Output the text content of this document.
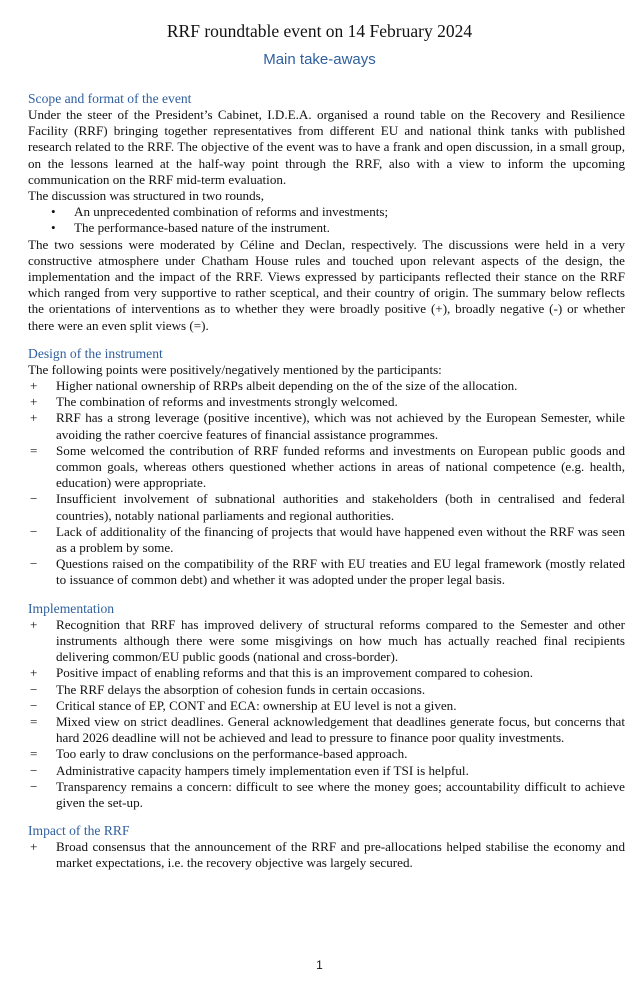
RRF roundtable event on 14 February 2024
Main take-aways
Scope and format of the event

Under the steer of the President’s Cabinet, I.D.E.A. organised a round table on the Recovery and Resilience Facility (RRF) bringing together representatives from different EU and national think tanks with published research related to the RRF. The objective of the event was to have a frank and open discussion, in a small group, on the lessons learned at the half-way point through the RRF, also with a view to inform the upcoming communication on the RRF mid-term evaluation.

The discussion was structured in two rounds,

• An unprecedented combination of reforms and investments;
• The performance-based nature of the instrument.

The two sessions were moderated by Céline and Declan, respectively. The discussions were held in a very constructive atmosphere under Chatham House rules and touched upon relevant aspects of the design, the implementation and the impact of the RRF. Views expressed by participants reflected their stance on the RRF which ranged from very supportive to rather sceptical, and their country of origin. The summary below reflects the orientations of interventions as to whether they were broadly positive (+), broadly negative (-) or whether there were an even split views (=).

Design of the instrument

The following points were positively/negatively mentioned by the participants:

+	Higher national ownership of RRPs albeit depending on the of the size of the allocation.
+	The combination of reforms and investments strongly welcomed.
+	RRF has a strong leverage (positive incentive), which was not achieved by the European Semester, while avoiding the rather coercive features of financial assistance programmes.
=	Some welcomed the contribution of RRF funded reforms and investments on European public goods and common goals, whereas others questioned whether actions in areas of national competence (e.g. health, education) were appropriate.
−	Insufficient involvement of subnational authorities and stakeholders (both in centralised and federal countries), notably national parliaments and regional authorities.
−	Lack of additionality of the financing of projects that would have happened even without the RRF was seen as a problem by some.
−	Questions raised on the compatibility of the RRF with EU treaties and EU legal framework (mostly related to issuance of common debt) and whether it was adopted under the proper legal basis.
Implementation
+	Recognition that RRF has improved delivery of structural reforms compared to the Semester and other instruments although there were some misgivings on how much has actually reached final recipients delivering common/EU public goods (national and cross-border).
+	Positive impact of enabling reforms and that this is an improvement compared to cohesion.
−	The RRF delays the absorption of cohesion funds in certain occasions.
−	Critical stance of EP, CONT and ECA: ownership at EU level is not a given.
=	Mixed view on strict deadlines. General acknowledgement that deadlines generate focus, but concerns that hard 2026 deadline will not be achieved and lead to pressure to finance poor quality investments.
=	Too early to draw conclusions on the performance-based approach.
−	Administrative capacity hampers timely implementation even if TSI is helpful.
−	Transparency remains a concern: difficult to see where the money goes; accountability difficult to achieve given the set-up.
Impact of the RRF
+	Broad consensus that the announcement of the RRF and pre-allocations helped stabilise the economy and market expectations, i.e. the recovery objective was largely secured.
1
